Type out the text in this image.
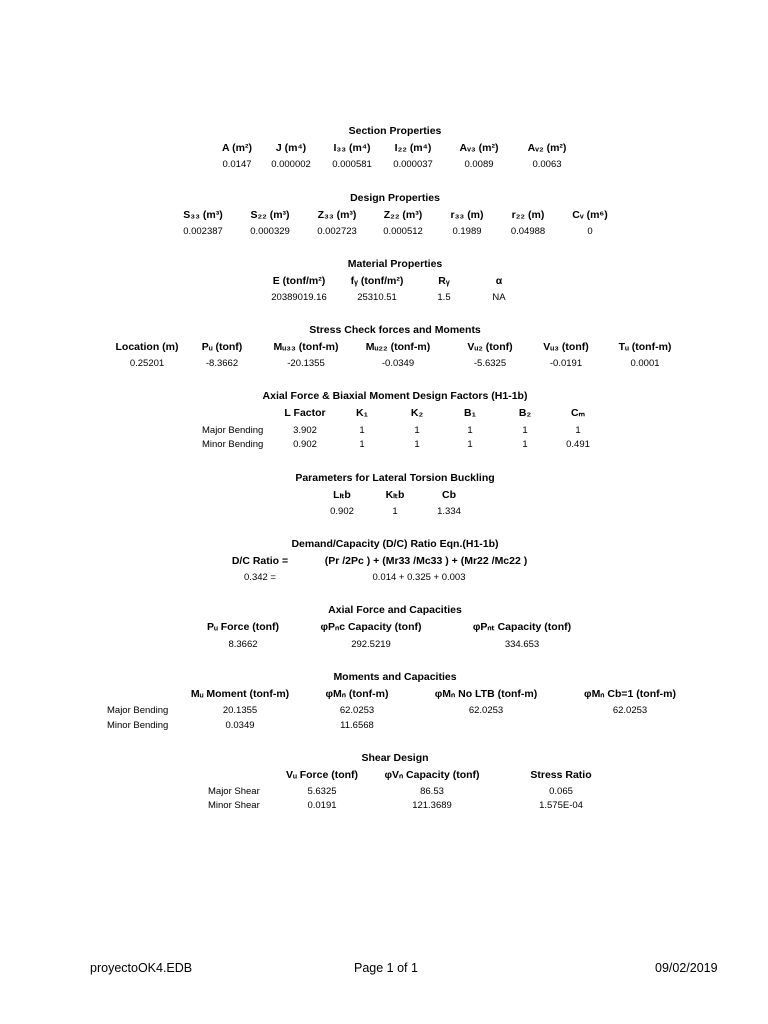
Section Properties
A (m²) J (m⁴)	I₃₃ (m⁴) I₂₂ (m⁴)	Aᵥ₃ (m²)	Aᵥ₂ (m²)
0.0147 0.000002 0.000581 0.000037	0.0089	0.0063
Design Properties
S₃₃ (m³)	S₂₂ (m³)	Z₃₃ (m³)	Z₂₂ (m³)	r₃₃ (m)	r₂₂ (m)	Cᵥ (m⁶)
0.002387	0.000329	0.002723	0.000512	0.1989	0.04988	0
Material Properties
E (tonf/m²) fᵧ (tonf/m²)	Rᵧ	α
20389019.16	25310.51	1.5	NA
Stress Check forces and Moments
Location (m) Pᵤ (tonf)	Mᵤ₃₃ (tonf-m)	Mᵤ₂₂ (tonf-m)	Vᵤ₂ (tonf)	Vᵤ₃ (tonf)	Tᵤ (tonf-m)
0.25201	-8.3662	-20.1355	-0.0349	-5.6325	-0.0191	0.0001
Axial Force & Biaxial Moment Design Factors (H1-1b)
L Factor	K₁	K₂	B₁	B₂	Cₘ
Major Bending	3.902	1	1	1	1	1
Minor Bending	0.902	1	1	1	1	0.491
Parameters for Lateral Torsion Buckling
Lₗₜb	Kₗₜb	Cb
0.902	1	1.334
Demand/Capacity (D/C) Ratio Eqn.(H1-1b)
D/C Ratio =	(Pr /2Pc ) + (Mr33 /Mc33 ) + (Mr22 /Mc22 )
0.342 =	0.014 + 0.325 + 0.003
Axial Force and Capacities
Pᵤ Force (tonf)	φPₙc Capacity (tonf)	φPₙₜ Capacity (tonf)
8.3662	292.5219	334.653
Moments and Capacities
Mᵤ Moment (tonf-m)	φMₙ (tonf-m)	φMₙ No LTB (tonf-m)	φMₙ Cb=1 (tonf-m)
Major Bending	20.1355	62.0253	62.0253	62.0253
Minor Bending	0.0349	11.6568
Shear Design
Vᵤ Force (tonf)	φVₙ Capacity (tonf)	Stress Ratio
Major Shear	5.6325	86.53	0.065
Minor Shear	0.0191	121.3689	1.575E-04
proyectoOK4.EDB	Page 1 of 1	09/02/2019
